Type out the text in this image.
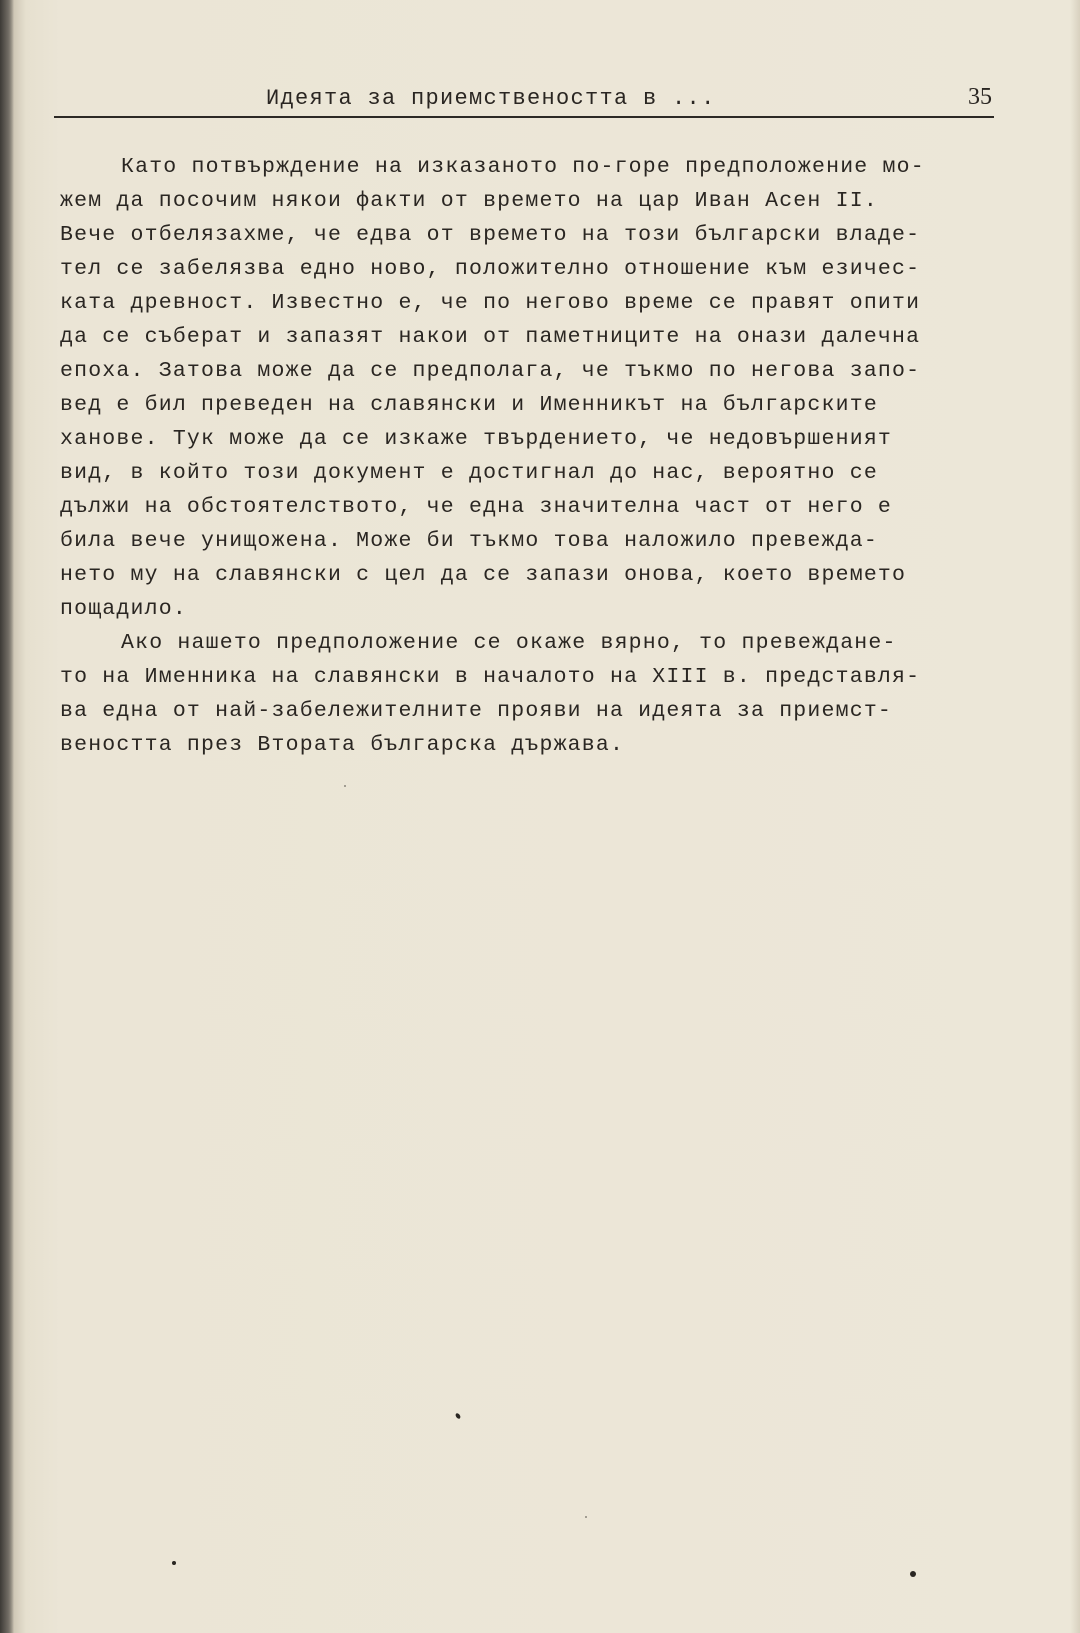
Идеята за приемствеността в ...	35
Като потвърждение на изказаното по-горе предположение мо-
жем да посочим някои факти от времето на цар Иван Асен II.
Вече отбелязахме, че едва от времето на този български владе-
тел се забелязва едно ново, положително отношение към езичес-
ката древност. Известно е, че по негово време се правят опити
да се съберат и запазят накои от паметниците на онази далечна
епоха. Затова може да се предполага, че тъкмо по негова запо-
вед е бил преведен на славянски и Именникът на българските
ханове. Тук може да се изкаже твърдението, че недовършеният
вид, в който този документ е достигнал до нас, вероятно се
дължи на обстоятелството, че една значителна част от него е
била вече унищожена. Може би тъкмо това наложило превежда-
нето му на славянски с цел да се запази онова, което времето
пощадило.
Ако нашето предположение се окаже вярно, то превеждане-
то на Именника на славянски в началото на XIII в. представля-
ва една от най-забележителните прояви на идеята за приемст-
веността през Втората българска държава.
